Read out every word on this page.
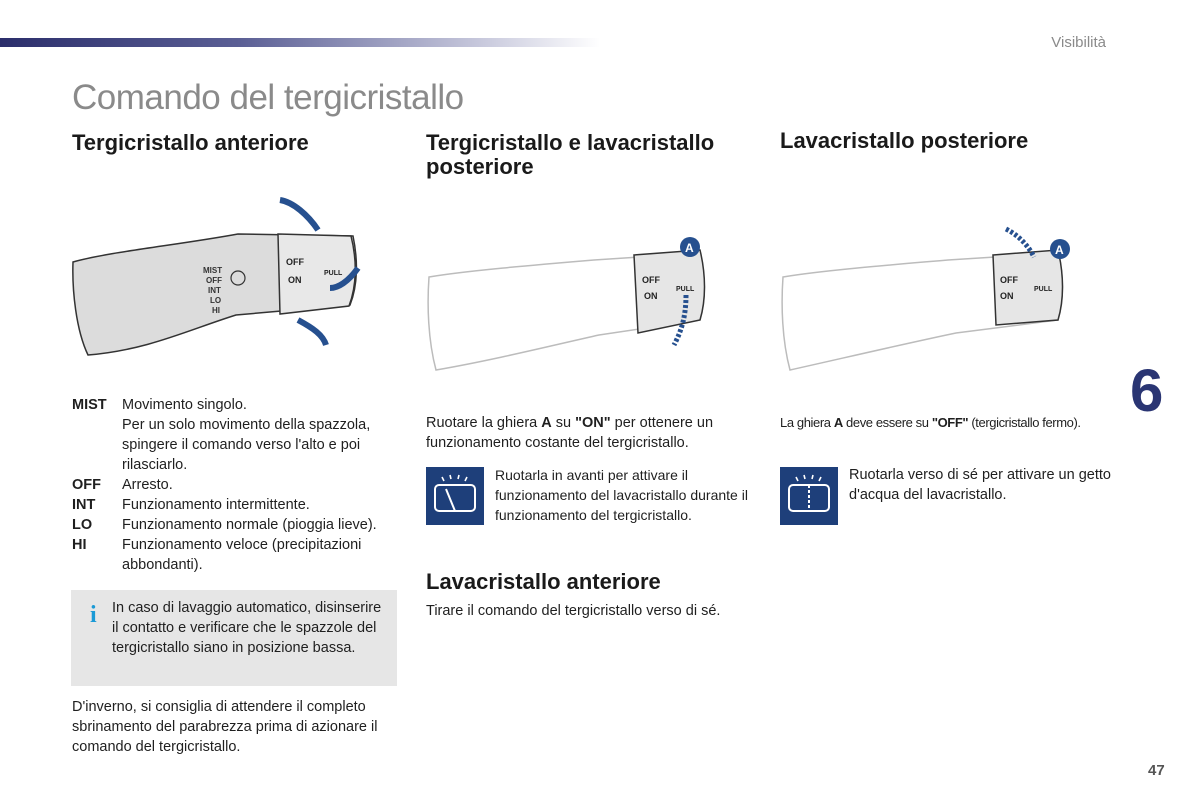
Visibilità
Comando del tergicristallo
Tergicristallo anteriore
MIST
OFF
INT
LO
HI
OFF
ON
PULL
MIST	Movimento singolo.
Per un solo movimento della spazzola, spingere il comando verso l'alto e poi rilasciarlo.
OFF	Arresto.
INT	Funzionamento intermittente.
LO	Funzionamento normale (pioggia lieve).
HI	Funzionamento veloce (precipitazioni abbondanti).
i In caso di lavaggio automatico, disinserire il contatto e verificare che le spazzole del tergicristallo siano in posizione bassa.
D'inverno, si consiglia di attendere il completo sbrinamento del parabrezza prima di azionare il comando del tergicristallo.
Tergicristallo e lavacristallo posteriore
OFF
ON
PULL
A
Ruotare la ghiera A su "ON" per ottenere un funzionamento costante del tergicristallo.
Ruotarla in avanti per attivare il funzionamento del lavacristallo durante il funzionamento del tergicristallo.
Lavacristallo anteriore
Tirare il comando del tergicristallo verso di sé.
Lavacristallo posteriore
OFF
ON
PULL
A
La ghiera A deve essere su "OFF" (tergicristallo fermo).
Ruotarla verso di sé per attivare un getto d'acqua del lavacristallo.
6
47
